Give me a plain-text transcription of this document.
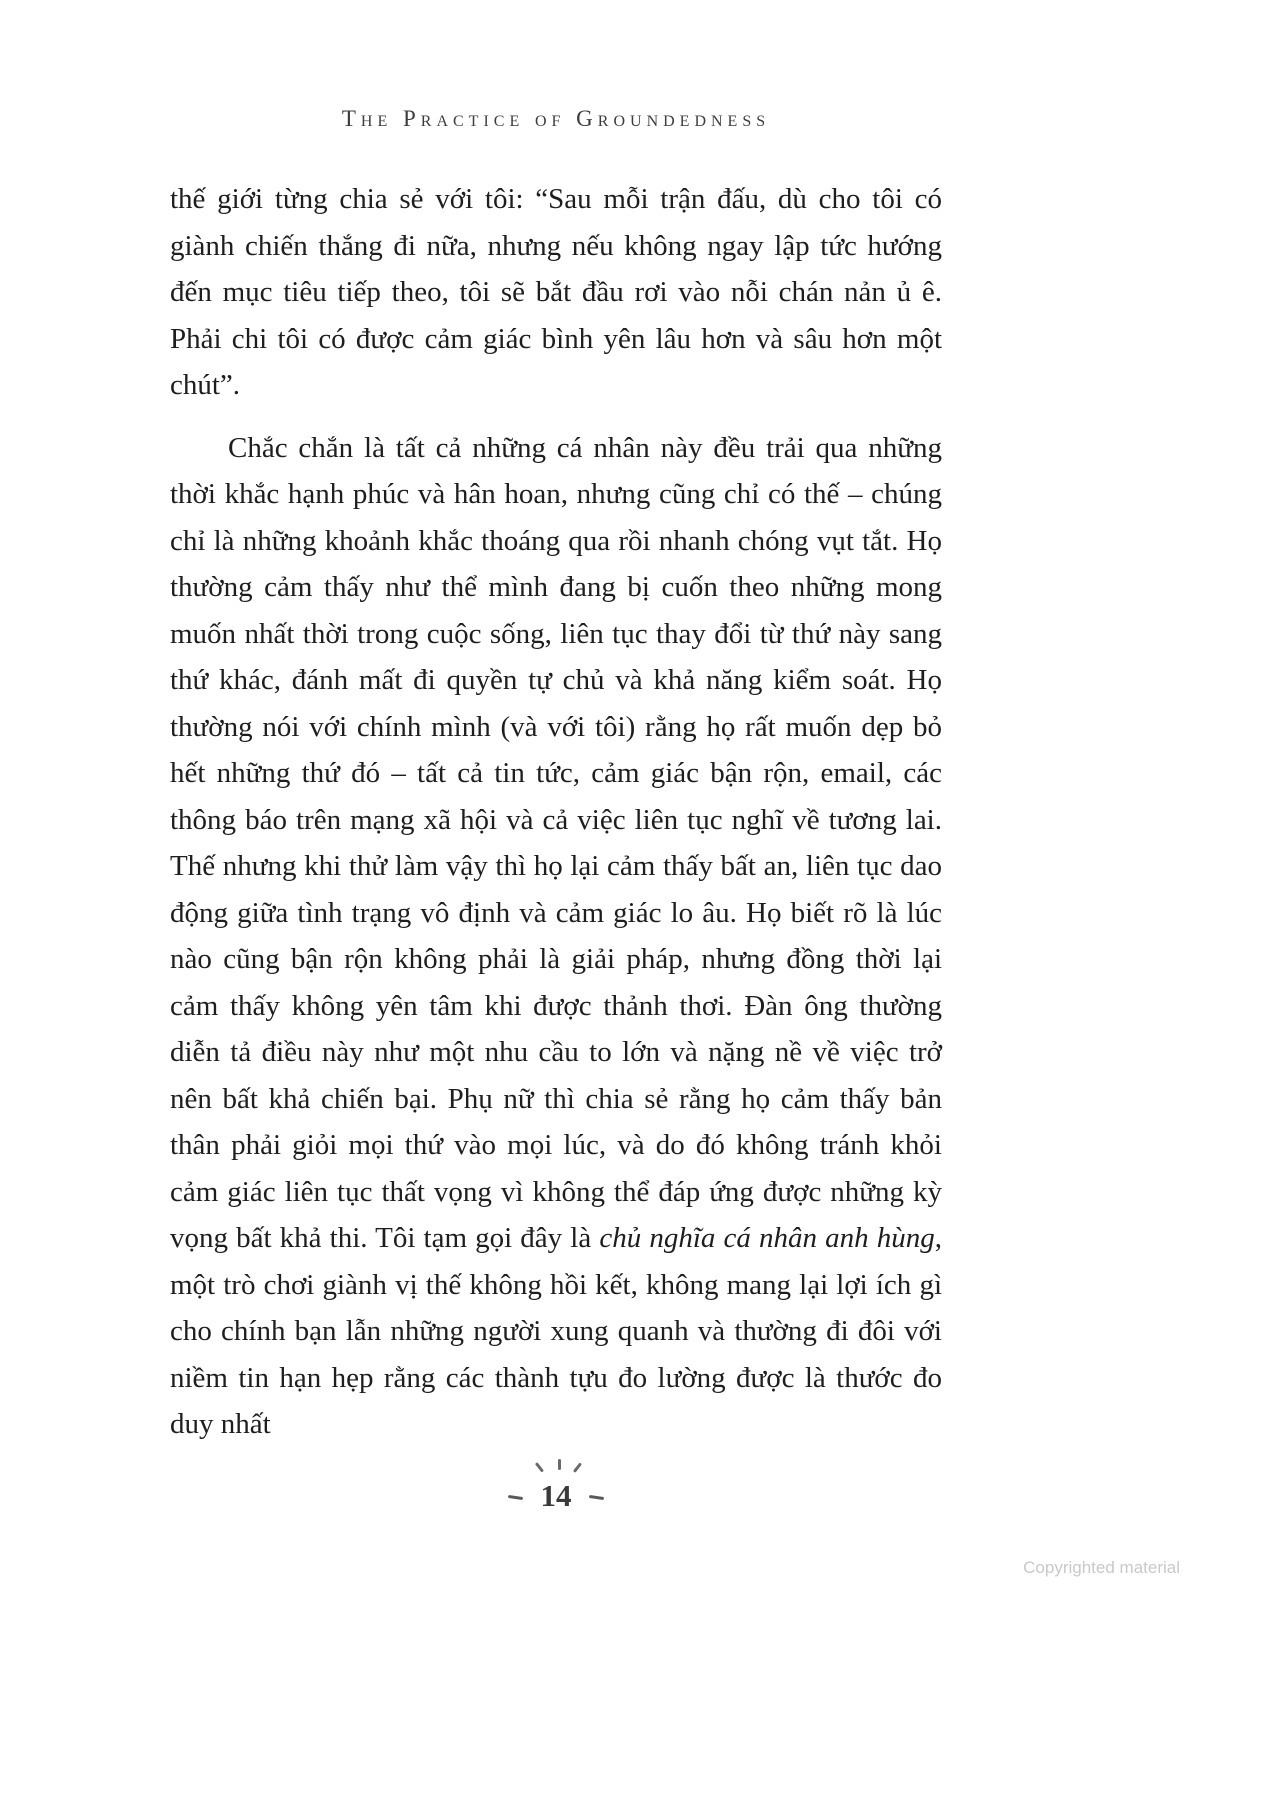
The Practice of Groundedness

thế giới từng chia sẻ với tôi: “Sau mỗi trận đấu, dù cho tôi có giành chiến thắng đi nữa, nhưng nếu không ngay lập tức hướng đến mục tiêu tiếp theo, tôi sẽ bắt đầu rơi vào nỗi chán nản ủ ê. Phải chi tôi có được cảm giác bình yên lâu hơn và sâu hơn một chút”.

Chắc chắn là tất cả những cá nhân này đều trải qua những thời khắc hạnh phúc và hân hoan, nhưng cũng chỉ có thế – chúng chỉ là những khoảnh khắc thoáng qua rồi nhanh chóng vụt tắt. Họ thường cảm thấy như thể mình đang bị cuốn theo những mong muốn nhất thời trong cuộc sống, liên tục thay đổi từ thứ này sang thứ khác, đánh mất đi quyền tự chủ và khả năng kiểm soát. Họ thường nói với chính mình (và với tôi) rằng họ rất muốn dẹp bỏ hết những thứ đó – tất cả tin tức, cảm giác bận rộn, email, các thông báo trên mạng xã hội và cả việc liên tục nghĩ về tương lai. Thế nhưng khi thử làm vậy thì họ lại cảm thấy bất an, liên tục dao động giữa tình trạng vô định và cảm giác lo âu. Họ biết rõ là lúc nào cũng bận rộn không phải là giải pháp, nhưng đồng thời lại cảm thấy không yên tâm khi được thảnh thơi. Đàn ông thường diễn tả điều này như một nhu cầu to lớn và nặng nề về việc trở nên bất khả chiến bại. Phụ nữ thì chia sẻ rằng họ cảm thấy bản thân phải giỏi mọi thứ vào mọi lúc, và do đó không tránh khỏi cảm giác liên tục thất vọng vì không thể đáp ứng được những kỳ vọng bất khả thi. Tôi tạm gọi đây là chủ nghĩa cá nhân anh hùng, một trò chơi giành vị thế không hồi kết, không mang lại lợi ích gì cho chính bạn lẫn những người xung quanh và thường đi đôi với niềm tin hạn hẹp rằng các thành tựu đo lường được là thước đo duy nhất

14
Copyrighted material
